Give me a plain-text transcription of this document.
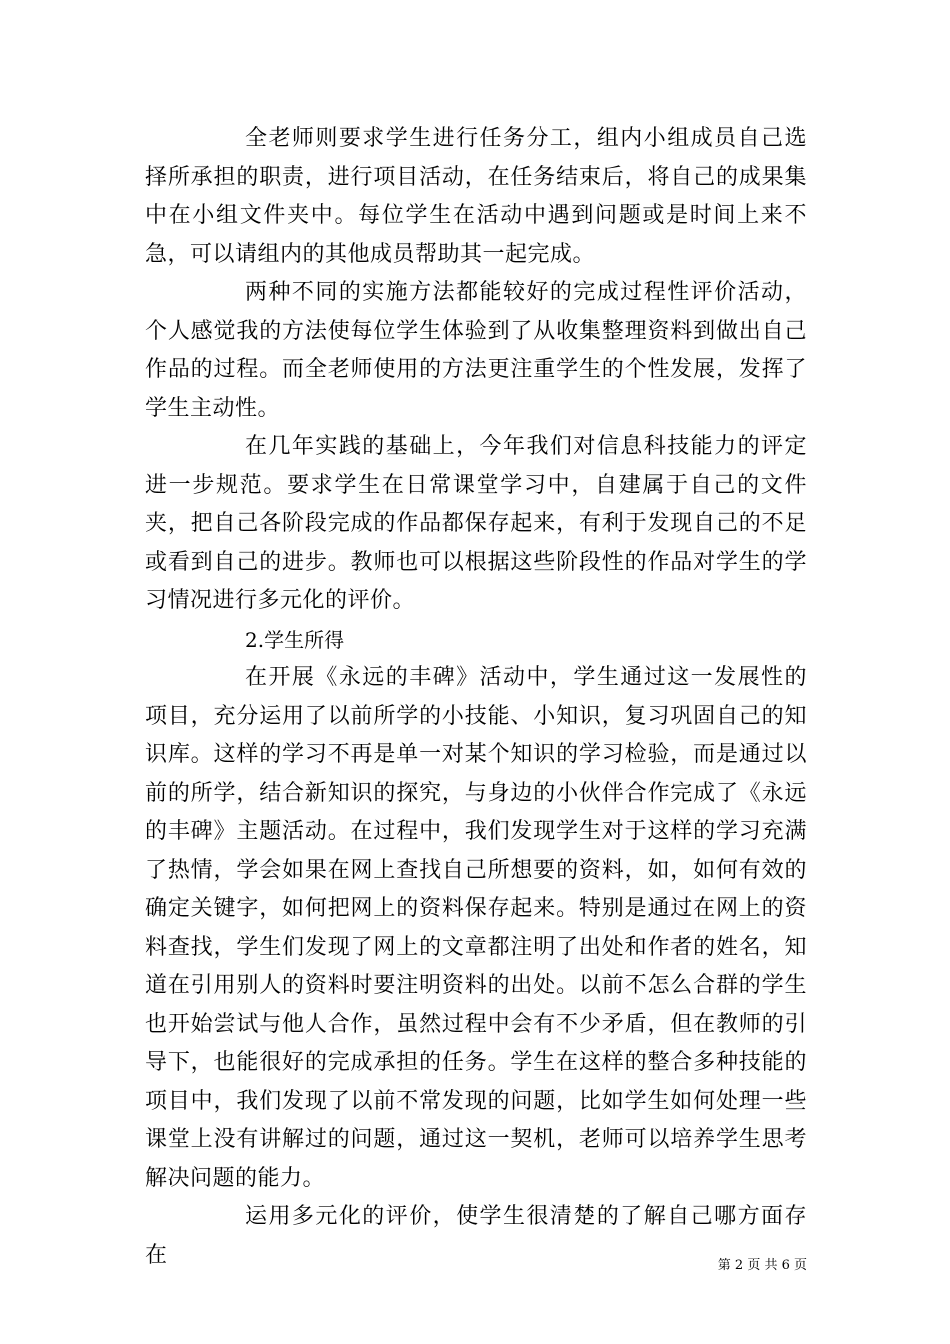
全老师则要求学生进行任务分工，组内小组成员自己选择所承担的职责，进行项目活动，在任务结束后，将自己的成果集中在小组文件夹中。每位学生在活动中遇到问题或是时间上来不急，可以请组内的其他成员帮助其一起完成。

两种不同的实施方法都能较好的完成过程性评价活动，个人感觉我的方法使每位学生体验到了从收集整理资料到做出自己作品的过程。而全老师使用的方法更注重学生的个性发展，发挥了学生主动性。

在几年实践的基础上，今年我们对信息科技能力的评定进一步规范。要求学生在日常课堂学习中，自建属于自己的文件夹，把自己各阶段完成的作品都保存起来，有利于发现自己的不足或看到自己的进步。教师也可以根据这些阶段性的作品对学生的学习情况进行多元化的评价。

2.学生所得

在开展《永远的丰碑》活动中，学生通过这一发展性的项目，充分运用了以前所学的小技能、小知识，复习巩固自己的知识库。这样的学习不再是单一对某个知识的学习检验，而是通过以前的所学，结合新知识的探究，与身边的小伙伴合作完成了《永远的丰碑》主题活动。在过程中，我们发现学生对于这样的学习充满了热情，学会如果在网上查找自己所想要的资料，如，如何有效的确定关键字，如何把网上的资料保存起来。特别是通过在网上的资料查找，学生们发现了网上的文章都注明了出处和作者的姓名，知道在引用别人的资料时要注明资料的出处。以前不怎么合群的学生也开始尝试与他人合作，虽然过程中会有不少矛盾，但在教师的引导下，也能很好的完成承担的任务。学生在这样的整合多种技能的项目中，我们发现了以前不常发现的问题，比如学生如何处理一些课堂上没有讲解过的问题，通过这一契机，老师可以培养学生思考解决问题的能力。

运用多元化的评价，使学生很清楚的了解自己哪方面存在	第 2 页 共 6 页
